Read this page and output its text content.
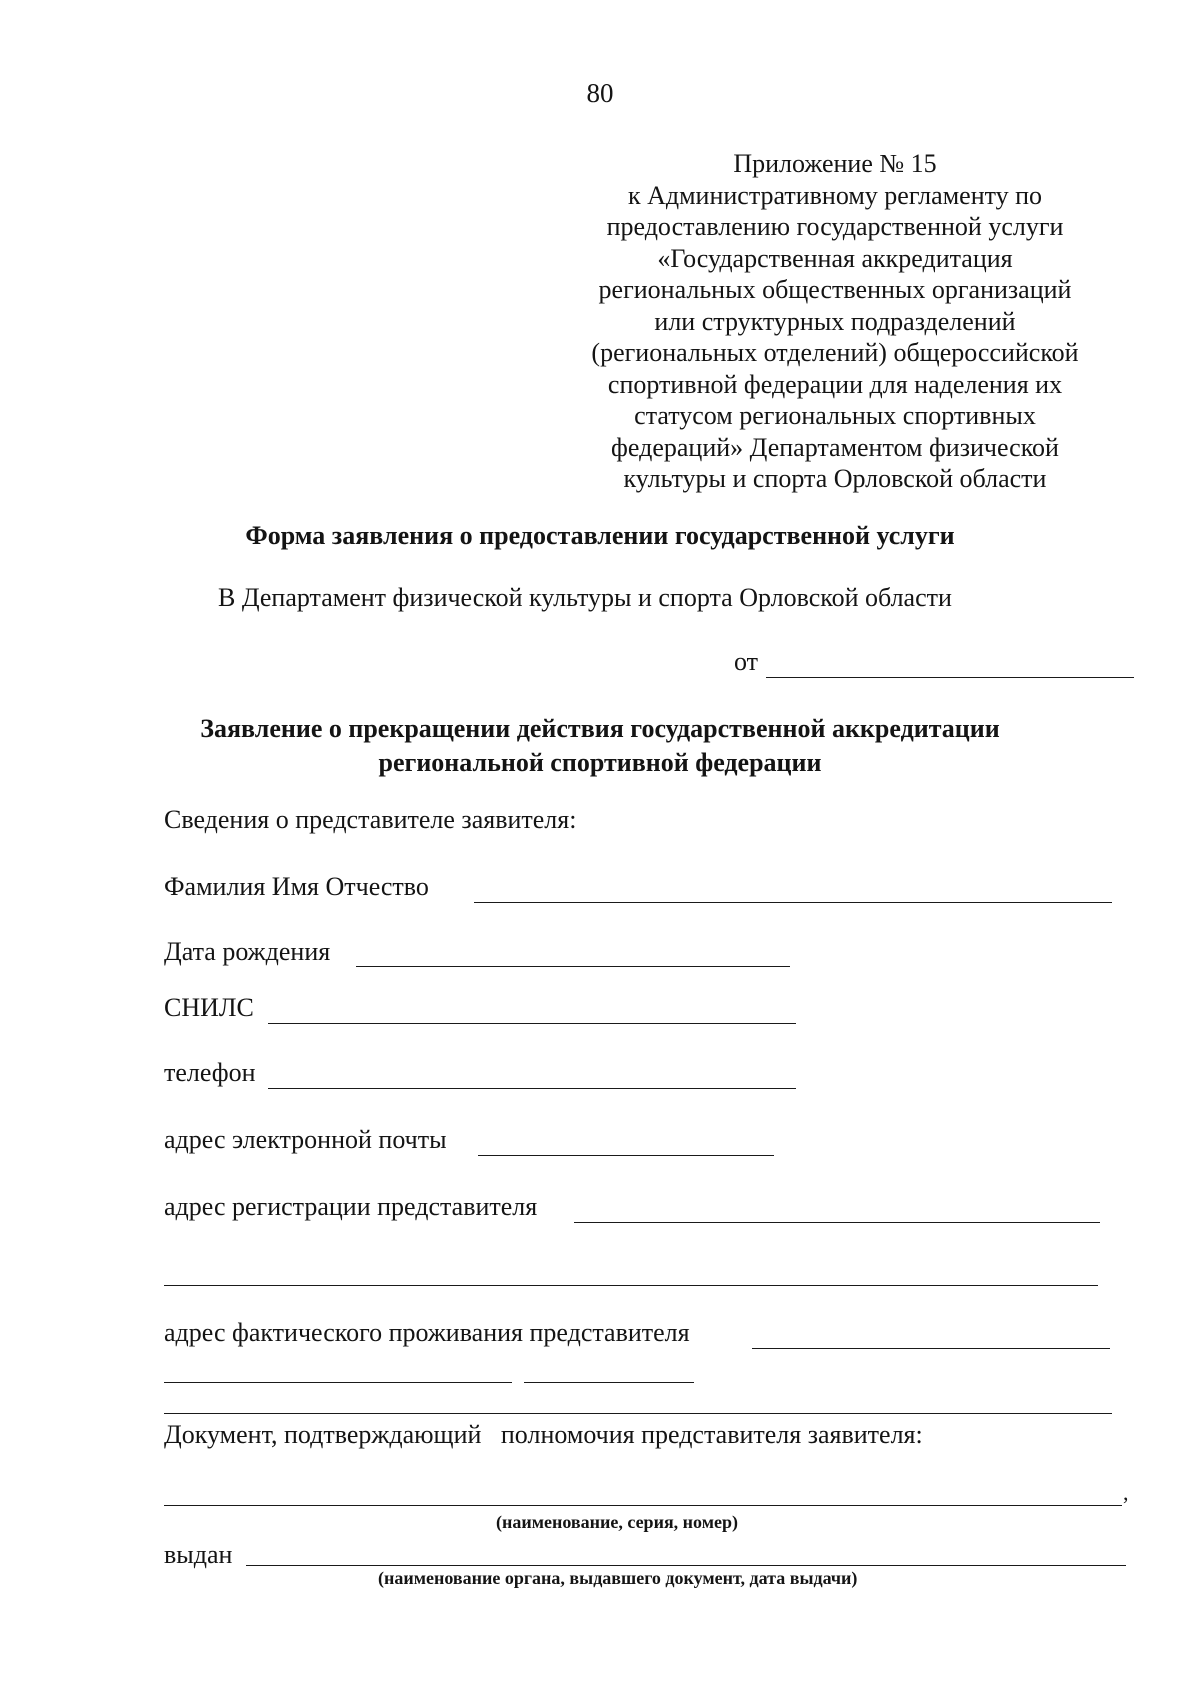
80
Приложение № 15
к Административному регламенту по
предоставлению государственной услуги
«Государственная аккредитация
региональных общественных организаций
или структурных подразделений
(региональных отделений) общероссийской
спортивной федерации для наделения их
статусом региональных спортивных
федераций» Департаментом физической
культуры и спорта Орловской области
Форма заявления о предоставлении государственной услуги
В Департамент физической культуры и спорта Орловской области
от
Заявление о прекращении действия государственной аккредитации
региональной спортивной федерации
Сведения о представителе заявителя:
Фамилия Имя Отчество
Дата рождения
СНИЛС
телефон
адрес электронной почты
адрес регистрации представителя
адрес фактического проживания представителя
Документ, подтверждающий   полномочия представителя заявителя:
,
(наименование, серия, номер)
выдан
(наименование органа, выдавшего документ, дата выдачи)
